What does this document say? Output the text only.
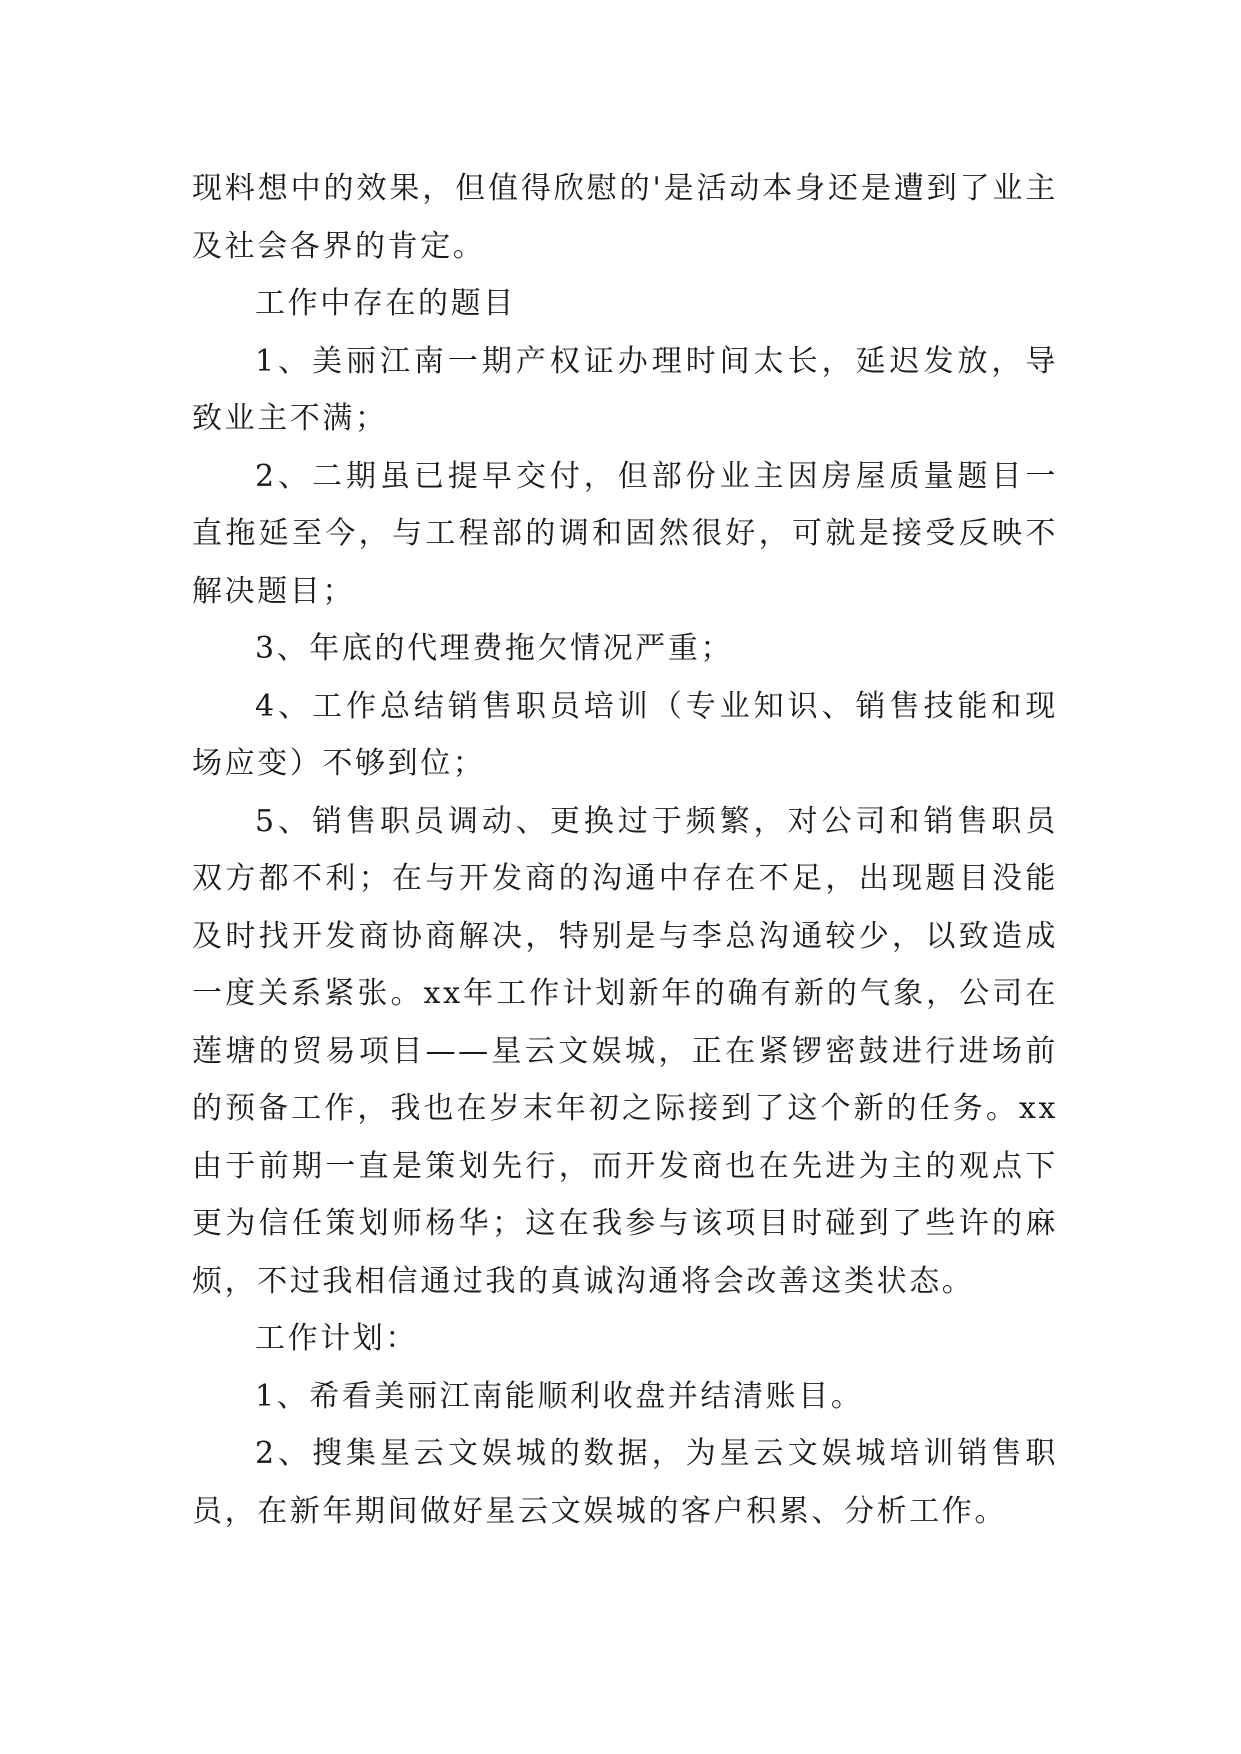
现料想中的效果，但值得欣慰的'是活动本身还是遭到了业主及社会各界的肯定。

工作中存在的题目

1、美丽江南一期产权证办理时间太长，延迟发放，导致业主不满；

2、二期虽已提早交付，但部份业主因房屋质量题目一直拖延至今，与工程部的调和固然很好，可就是接受反映不解决题目；

3、年底的代理费拖欠情况严重；

4、工作总结销售职员培训（专业知识、销售技能和现场应变）不够到位；

5、销售职员调动、更换过于频繁，对公司和销售职员双方都不利；在与开发商的沟通中存在不足，出现题目没能及时找开发商协商解决，特别是与李总沟通较少，以致造成一度关系紧张。xx年工作计划新年的确有新的气象，公司在莲塘的贸易项目——星云文娱城，正在紧锣密鼓进行进场前的预备工作，我也在岁末年初之际接到了这个新的任务。xx由于前期一直是策划先行，而开发商也在先进为主的观点下更为信任策划师杨华；这在我参与该项目时碰到了些许的麻烦，不过我相信通过我的真诚沟通将会改善这类状态。

工作计划：

1、希看美丽江南能顺利收盘并结清账目。

2、搜集星云文娱城的数据，为星云文娱城培训销售职员，在新年期间做好星云文娱城的客户积累、分析工作。
